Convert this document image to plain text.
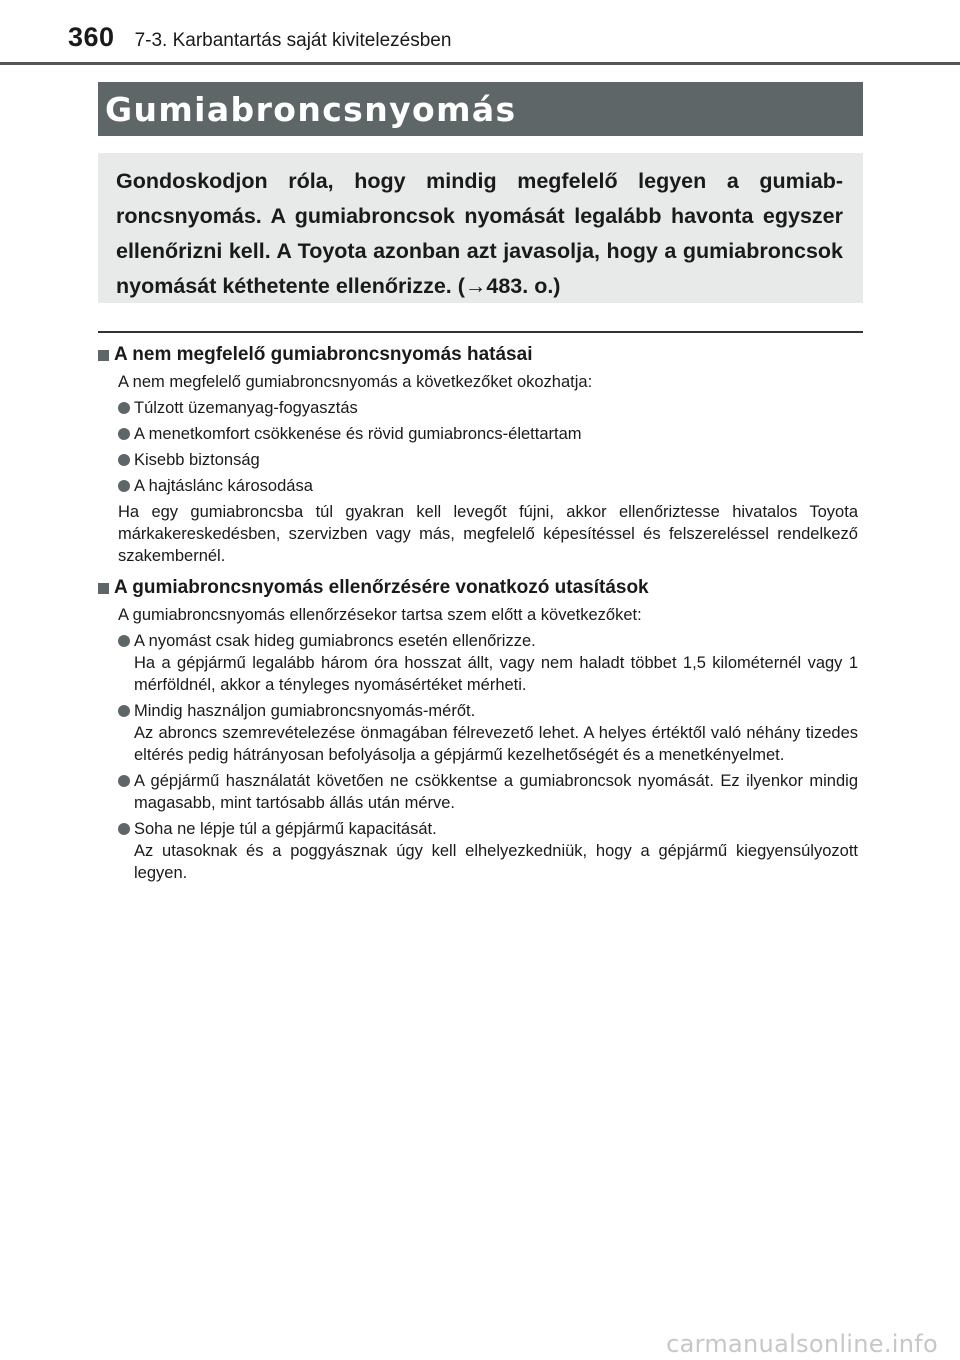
360 7-3. Karbantartás saját kivitelezésben
Gumiabroncsnyomás

Gondoskodjon róla, hogy mindig megfelelő legyen a gumiabroncsnyomás. A gumiabroncsok nyomását legalább havonta egyszer ellenőrizni kell. A Toyota azonban azt javasolja, hogy a gumiabroncsok nyomását kéthetente ellenőrizze. (→483. o.)

A nem megfelelő gumiabroncsnyomás hatásai

A nem megfelelő gumiabroncsnyomás a következőket okozhatja:

Túlzott üzemanyag-fogyasztás
A menetkomfort csökkenése és rövid gumiabroncs-élettartam
Kisebb biztonság
A hajtáslánc károsodása

Ha egy gumiabroncsba túl gyakran kell levegőt fújni, akkor ellenőriztesse hivatalos Toyota márkakereskedésben, szervizben vagy más, megfelelő képesítéssel és felszereléssel rendelkező szakembernél.

A gumiabroncsnyomás ellenőrzésére vonatkozó utasítások

A gumiabroncsnyomás ellenőrzésekor tartsa szem előtt a következőket:

A nyomást csak hideg gumiabroncs esetén ellenőrizze.
Ha a gépjármű legalább három óra hosszat állt, vagy nem haladt többet 1,5 kilométernél vagy 1 mérföldnél, akkor a tényleges nyomásértéket mérheti.
Mindig használjon gumiabroncsnyomás-mérőt.
Az abroncs szemrevételezése önmagában félrevezető lehet. A helyes értéktől való néhány tizedes eltérés pedig hátrányosan befolyásolja a gépjármű kezelhetőségét és a menetkényelmet.
A gépjármű használatát követően ne csökkentse a gumiabroncsok nyomását. Ez ilyenkor mindig magasabb, mint tartósabb állás után mérve.
Soha ne lépje túl a gépjármű kapacitását.
Az utasoknak és a poggyásznak úgy kell elhelyezkedniük, hogy a gépjármű kiegyensúlyozott legyen.
carmanualsonline.info
